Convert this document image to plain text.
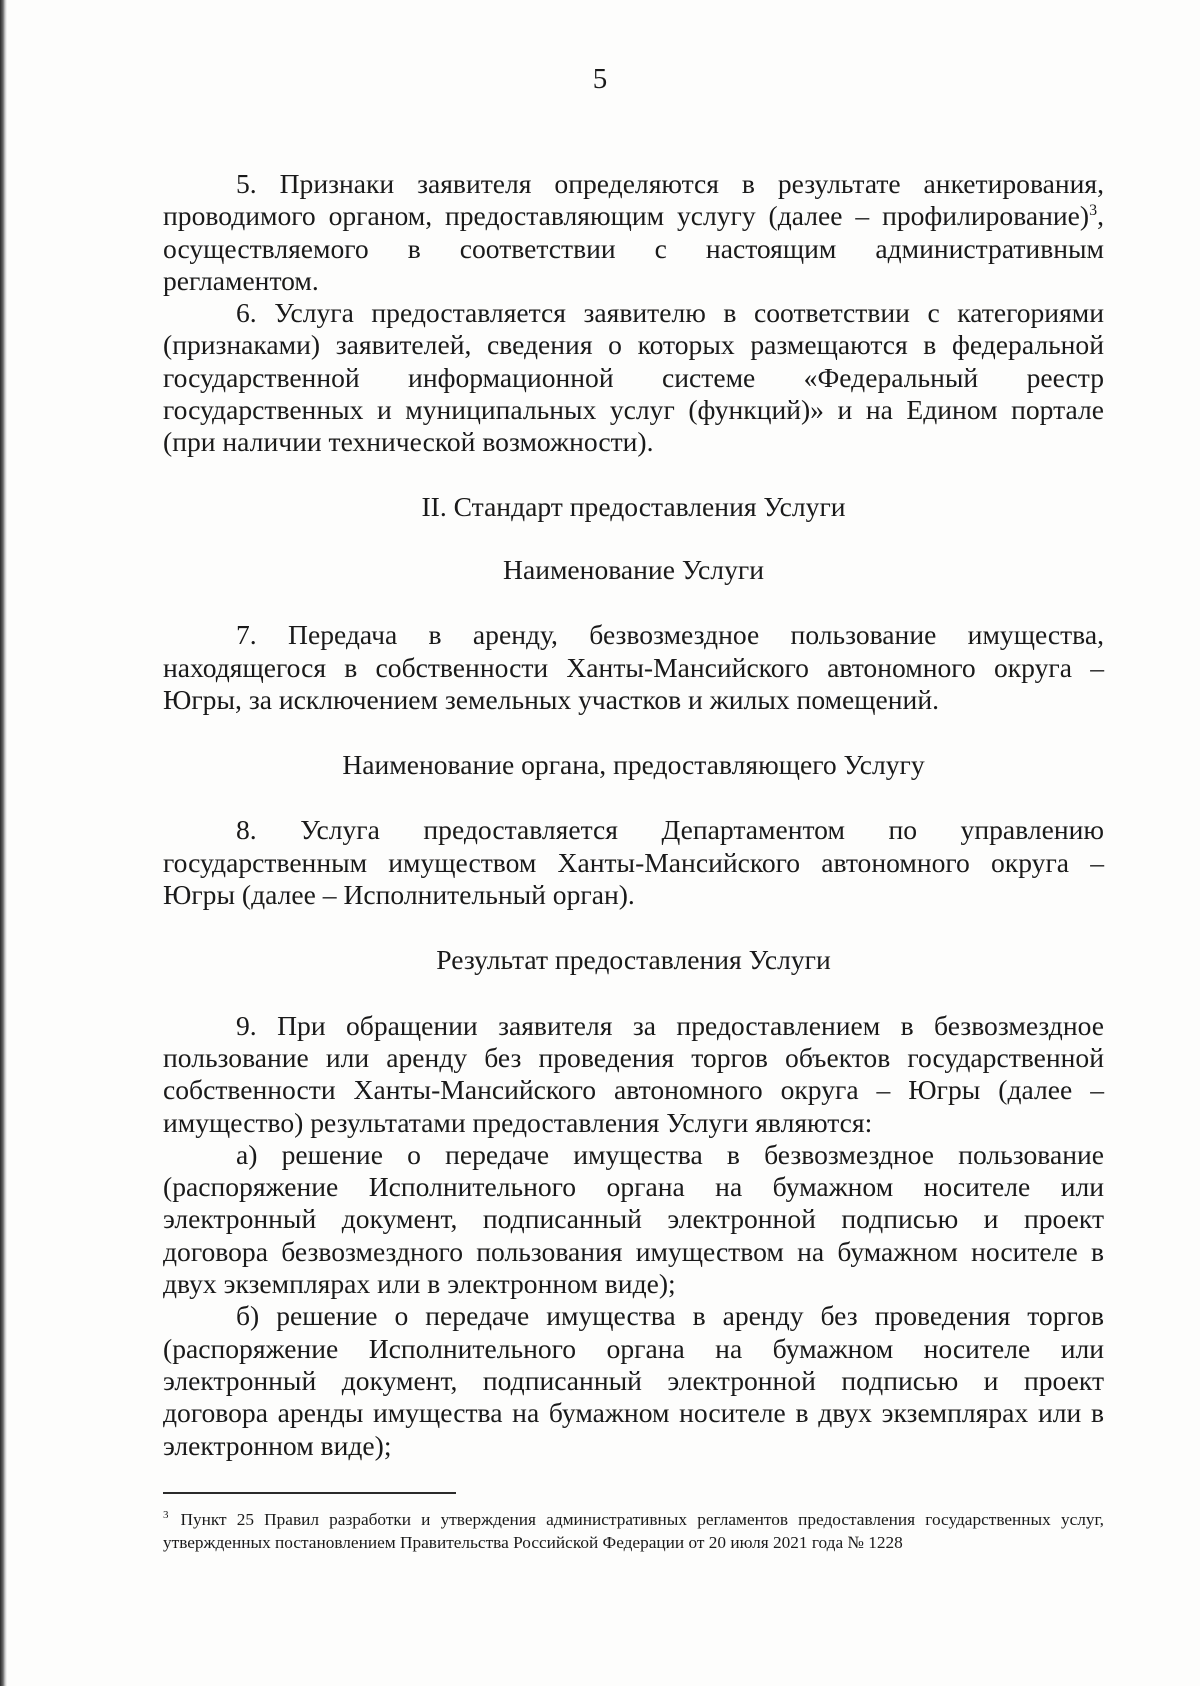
5

5. Признаки заявителя определяются в результате анкетирования, проводимого органом, предоставляющим услугу (далее – профилирование)$^3$, осуществляемого в соответствии с настоящим административным регламентом.

6. Услуга предоставляется заявителю в соответствии с категориями (признаками) заявителей, сведения о которых размещаются в федеральной государственной информационной системе «Федеральный реестр государственных и муниципальных услуг (функций)» и на Едином портале (при наличии технической возможности).

II. Стандарт предоставления Услуги
Наименование Услуги

7. Передача в аренду, безвозмездное пользование имущества, находящегося в собственности Ханты-Мансийского автономного округа – Югры, за исключением земельных участков и жилых помещений.

Наименование органа, предоставляющего Услугу

8. Услуга предоставляется Департаментом по управлению государственным имуществом Ханты-Мансийского автономного округа – Югры (далее – Исполнительный орган).

Результат предоставления Услуги

9. При обращении заявителя за предоставлением в безвозмездное пользование или аренду без проведения торгов объектов государственной собственности Ханты-Мансийского автономного округа – Югры (далее – имущество) результатами предоставления Услуги являются:

а) решение о передаче имущества в безвозмездное пользование (распоряжение Исполнительного органа на бумажном носителе или электронный документ, подписанный электронной подписью и проект договора безвозмездного пользования имуществом на бумажном носителе в двух экземплярах или в электронном виде);

б) решение о передаче имущества в аренду без проведения торгов (распоряжение Исполнительного органа на бумажном носителе или электронный документ, подписанный электронной подписью и проект договора аренды имущества на бумажном носителе в двух экземплярах или в электронном виде);

$^3$ Пункт 25 Правил разработки и утверждения административных регламентов предоставления государственных услуг, утвержденных постановлением Правительства Российской Федерации от 20 июля 2021 года № 1228
